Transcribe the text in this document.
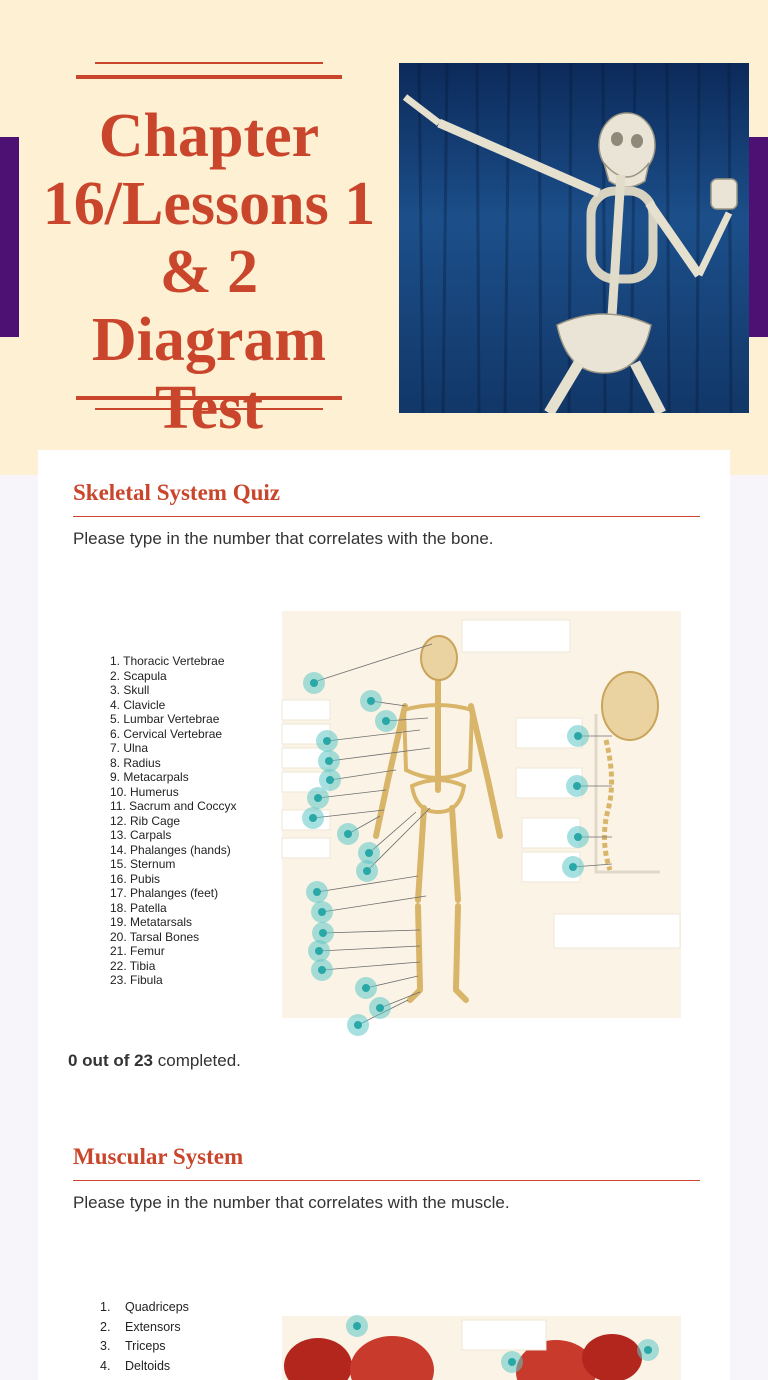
Chapter 16/Lessons 1 & 2 Diagram
Skeletal System Quiz

Please type in the number that correlates with the bone.

1. Thoracic Vertebrae
2. Scapula
3. Skull
4. Clavicle
5. Lumbar Vertebrae
6. Cervical Vertebrae
7. Ulna
8. Radius
9. Metacarpals
10. Humerus
11. Sacrum and Coccyx
12. Rib Cage
13. Carpals
14. Phalanges (hands)
15. Sternum
16. Pubis
17. Phalanges (feet)
18. Patella
19. Metatarsals
20. Tarsal Bones
21. Femur
22. Tibia
23. Fibula

0 out of 23 completed.

Muscular System

Please type in the number that correlates with the muscle.

1. Quadriceps
2. Extensors
3. Triceps
4. Deltoids
